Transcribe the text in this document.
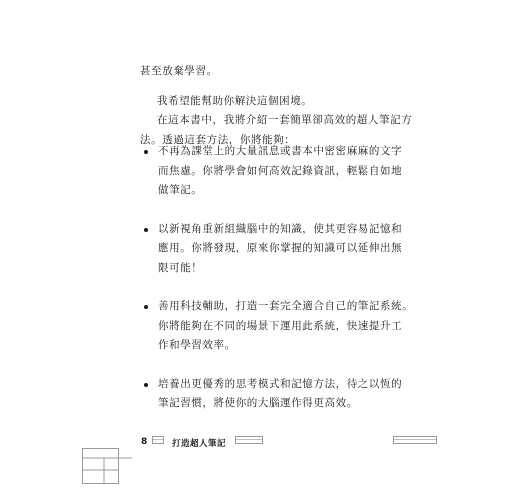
甚至放棄學習。

我希望能幫助你解決這個困境。

在這本書中，我將介紹一套簡單卻高效的超人筆記方
法。透過這套方法，你將能夠：

不再為課堂上的大量訊息或書本中密密麻麻的文字
而焦慮。你將學會如何高效記錄資訊，輕鬆自如地
做筆記。
以新視角重新組織腦中的知識，使其更容易記憶和
應用。你將發現，原來你掌握的知識可以延伸出無
限可能！
善用科技輔助，打造一套完全適合自己的筆記系統。
你將能夠在不同的場景下運用此系統，快速提升工
作和學習效率。
培養出更優秀的思考模式和記憶方法，待之以恆的
筆記習慣，將使你的大腦運作得更高效。
8	打造超人筆記
